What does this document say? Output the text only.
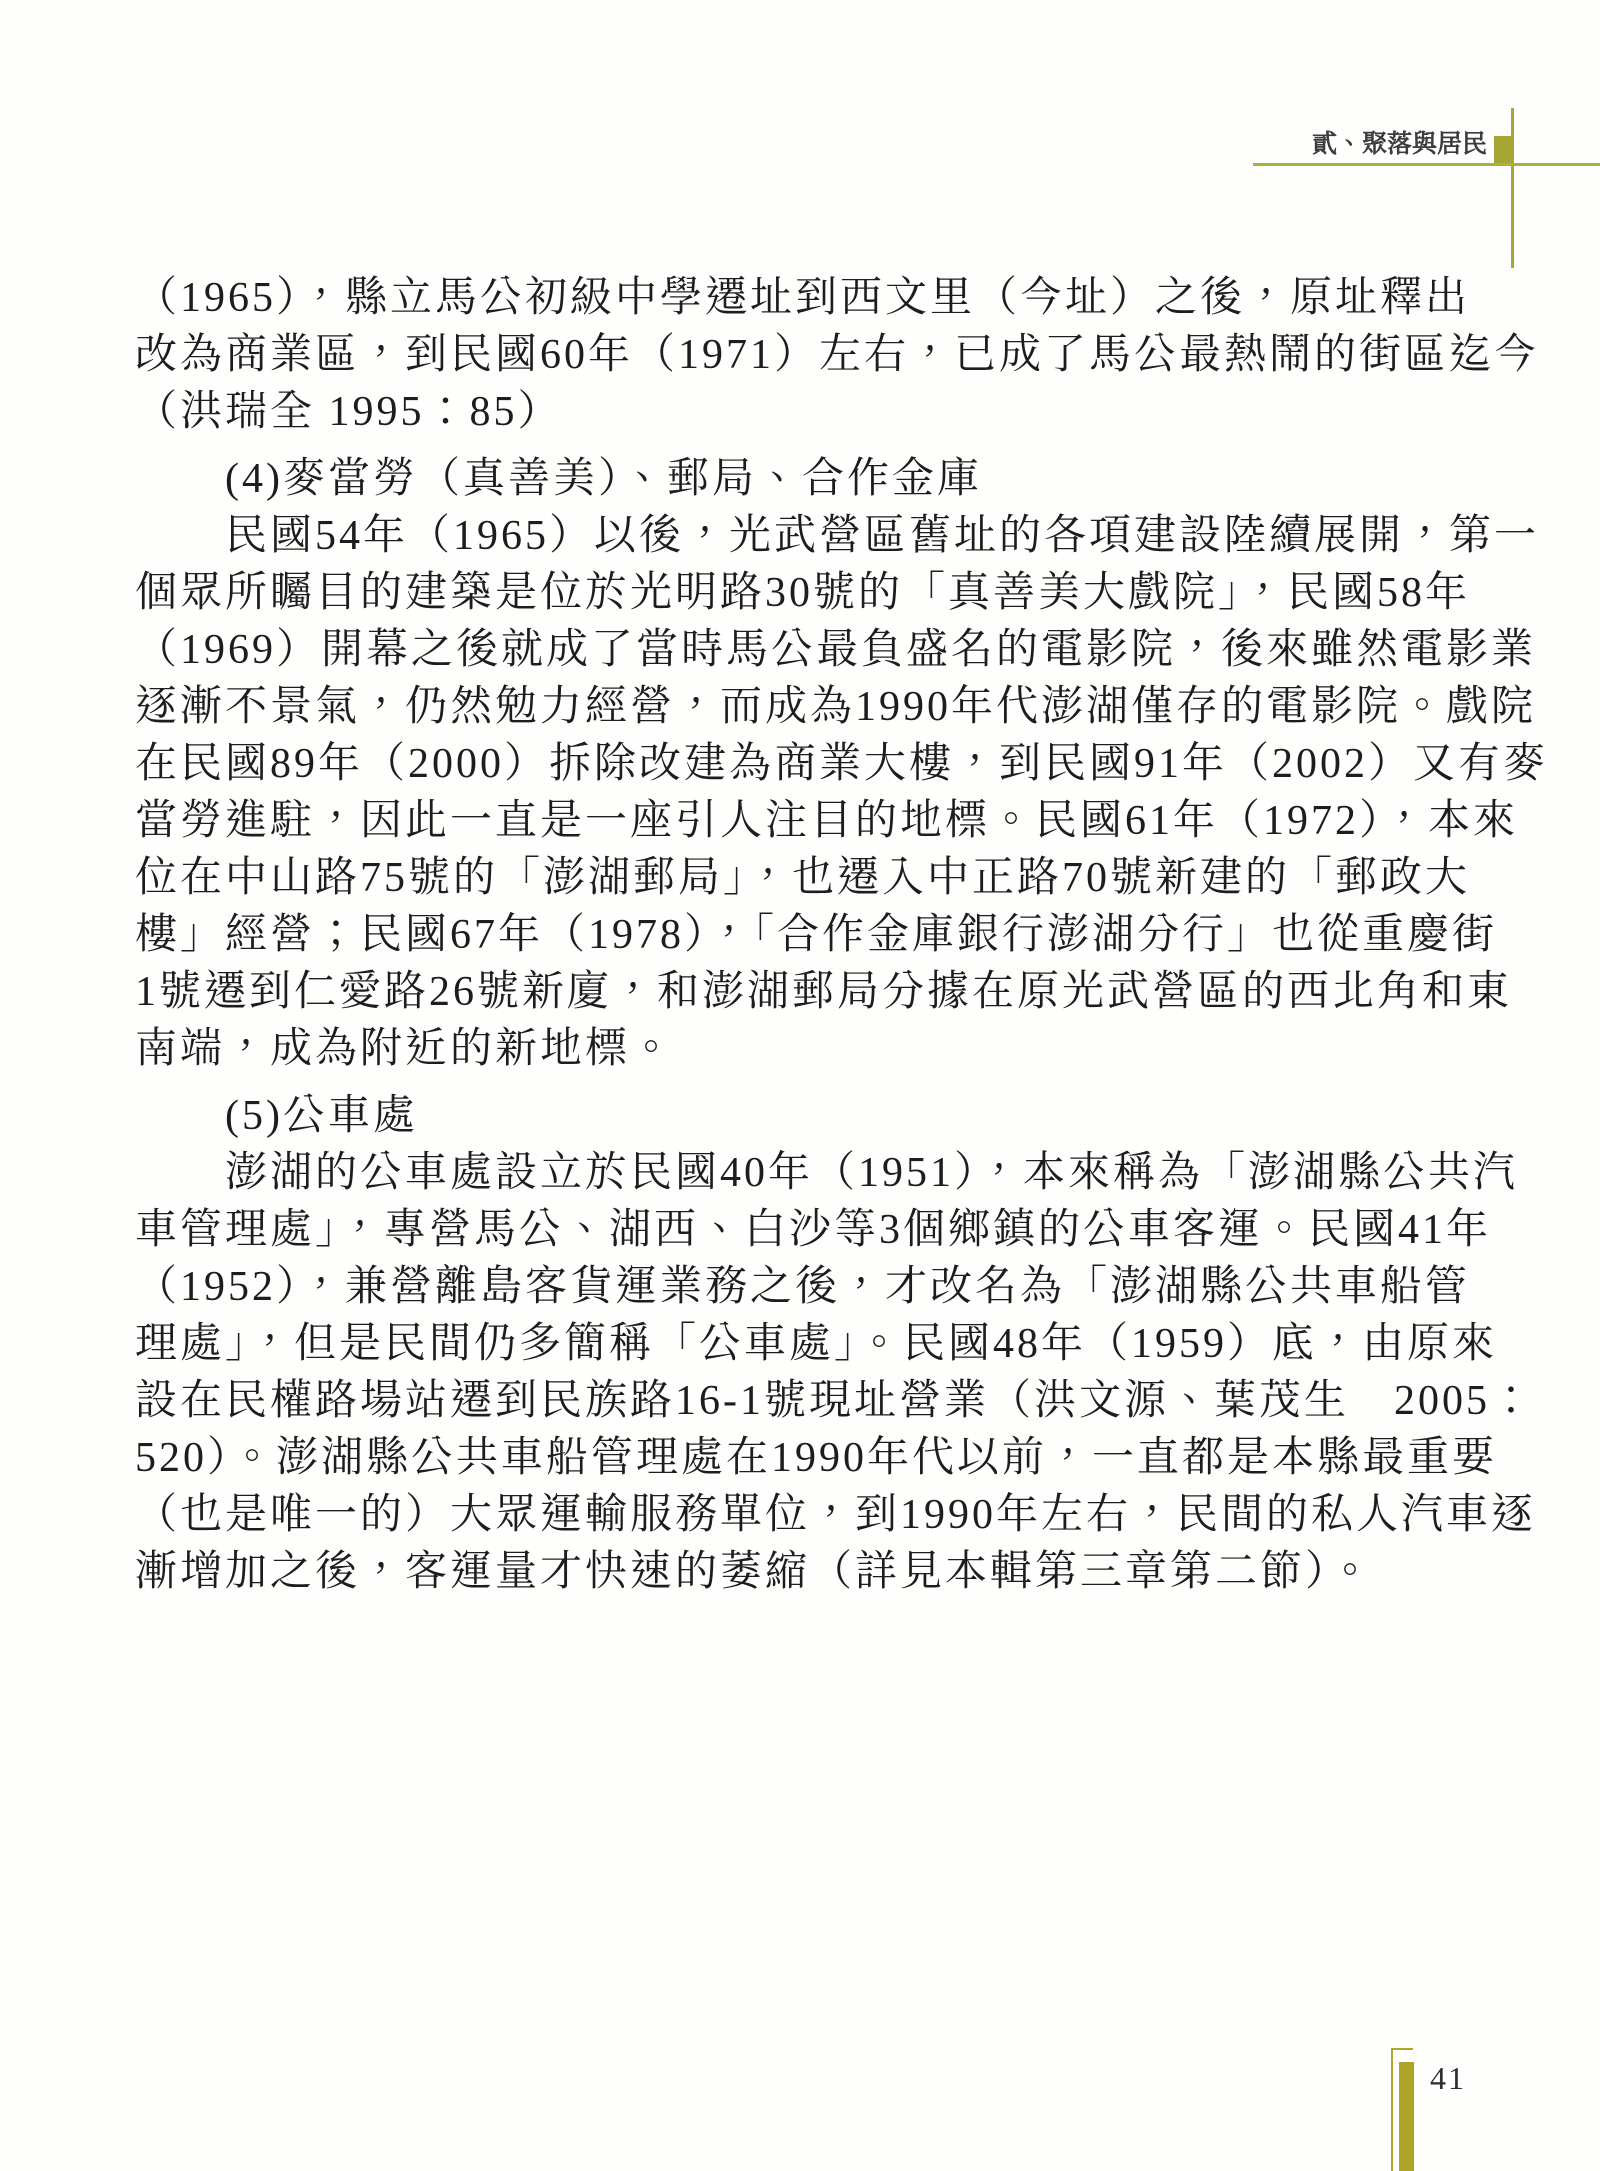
貳、聚落與居民
（1965），縣立馬公初級中學遷址到西文里（今址）之後，原址釋出
改為商業區，到民國60年（1971）左右，已成了馬公最熱鬧的街區迄今
（洪瑞全 1995：85）
　　(4)麥當勞（真善美）、郵局、合作金庫
　　民國54年（1965）以後，光武營區舊址的各項建設陸續展開，第一
個眾所矚目的建築是位於光明路30號的「真善美大戲院」，民國58年
（1969）開幕之後就成了當時馬公最負盛名的電影院，後來雖然電影業
逐漸不景氣，仍然勉力經營，而成為1990年代澎湖僅存的電影院。戲院
在民國89年（2000）拆除改建為商業大樓，到民國91年（2002）又有麥
當勞進駐，因此一直是一座引人注目的地標。民國61年（1972），本來
位在中山路75號的「澎湖郵局」，也遷入中正路70號新建的「郵政大
樓」經營；民國67年（1978），「合作金庫銀行澎湖分行」也從重慶街
1號遷到仁愛路26號新廈，和澎湖郵局分據在原光武營區的西北角和東
南端，成為附近的新地標。
　　(5)公車處
　　澎湖的公車處設立於民國40年（1951），本來稱為「澎湖縣公共汽
車管理處」，專營馬公、湖西、白沙等3個鄉鎮的公車客運。民國41年
（1952），兼營離島客貨運業務之後，才改名為「澎湖縣公共車船管
理處」，但是民間仍多簡稱「公車處」。民國48年（1959）底，由原來
設在民權路場站遷到民族路16-1號現址營業（洪文源、葉茂生　2005：
520）。澎湖縣公共車船管理處在1990年代以前，一直都是本縣最重要
（也是唯一的）大眾運輸服務單位，到1990年左右，民間的私人汽車逐
漸增加之後，客運量才快速的萎縮（詳見本輯第三章第二節）。
41
